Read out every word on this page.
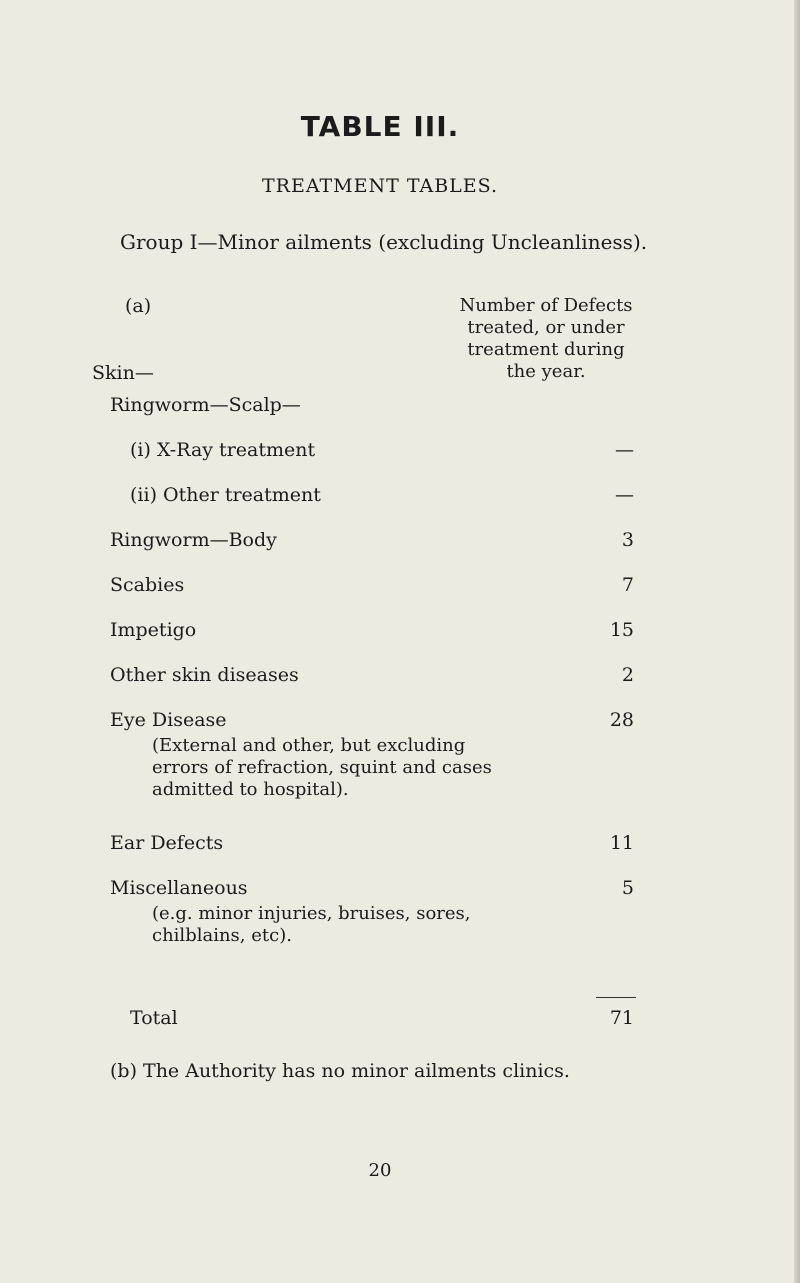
TABLE III.
TREATMENT TABLES.
Group I—Minor ailments (excluding Uncleanliness).
(a)	Number of Defects
treated, or under
treatment during
the year.
Skin—
Ringworm—Scalp—
(i) X-Ray treatment	—
(ii) Other treatment	—
Ringworm—Body	3
Scabies	7
Impetigo	15
Other skin diseases	2
Eye Disease	28
(External and other, but excluding
errors of refraction, squint and cases
admitted to hospital).
Ear Defects	11
Miscellaneous	5
(e.g. minor injuries, bruises, sores,
chilblains, etc).
Total	71
(b) The Authority has no minor ailments clinics.
20
